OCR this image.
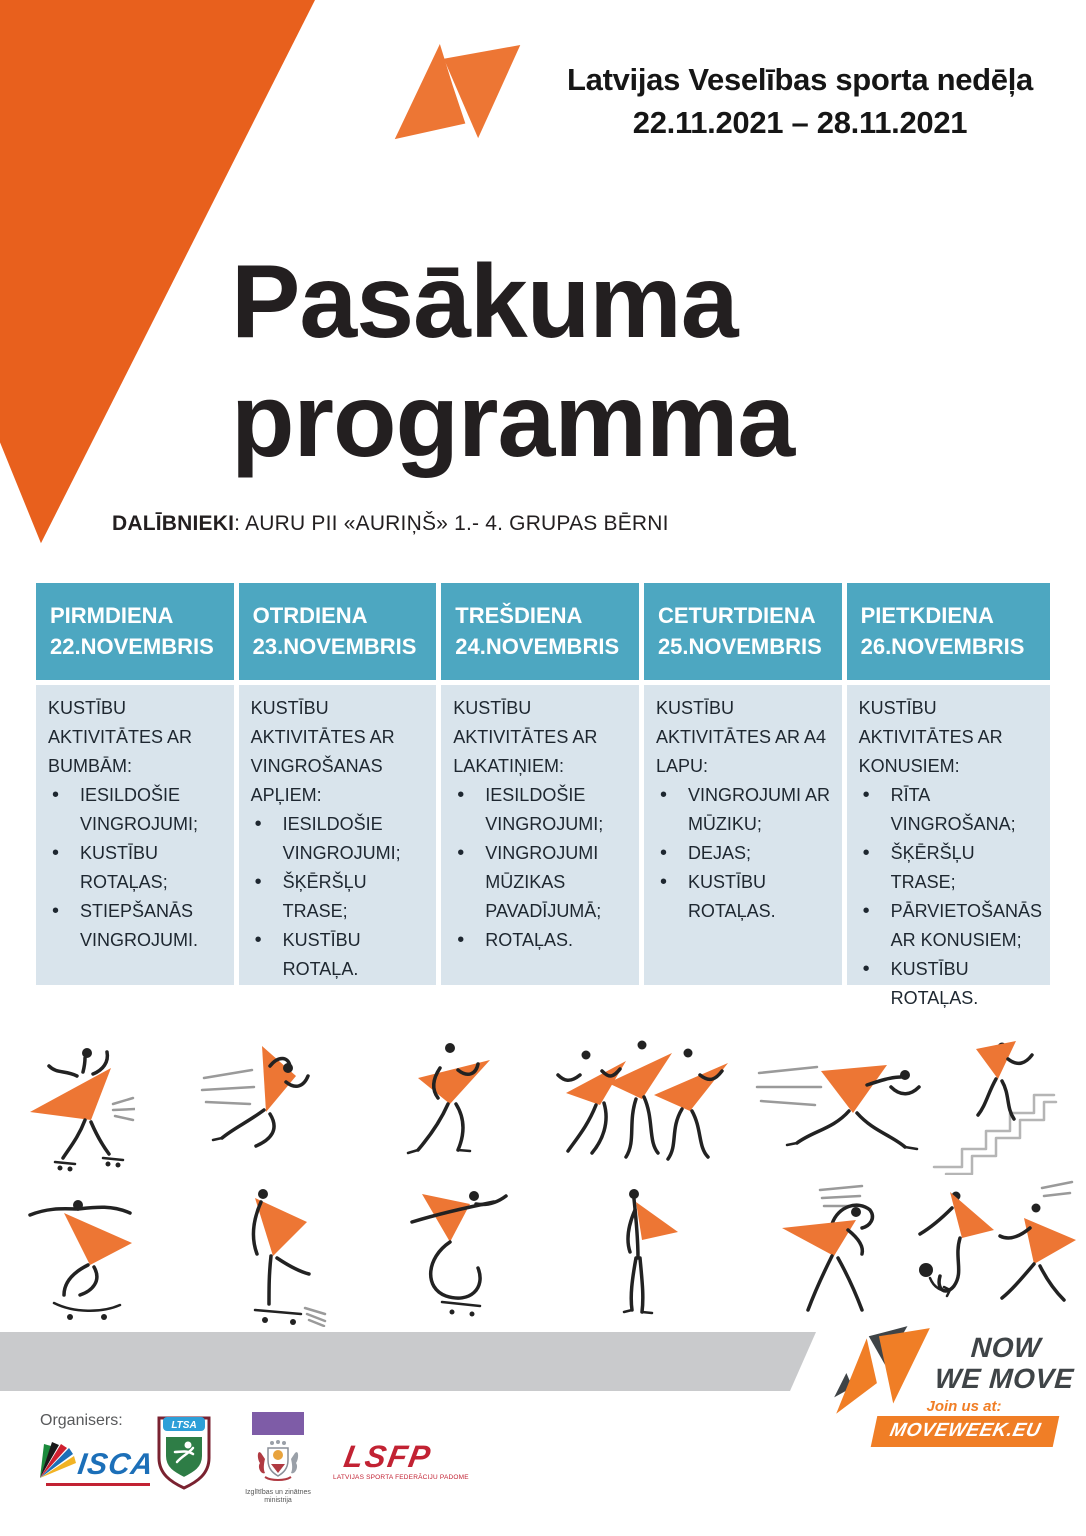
Latvijas Veselības sporta nedēļa
22.11.2021 – 28.11.2021
Pasākuma
programma
DALĪBNIEKI: AURU PII «AURIŅŠ» 1.- 4. GRUPAS BĒRNI
PIRMDIENA
22.NOVEMBRIS
OTRDIENA
23.NOVEMBRIS
TREŠDIENA
24.NOVEMBRIS
CETURTDIENA
25.NOVEMBRIS
PIETKDIENA
26.NOVEMBRIS
KUSTĪBU AKTIVITĀTES AR BUMBĀM:
• IESILDOŠIE VINGROJUMI;
• KUSTĪBU ROTAĻAS;
• STIEPŠANĀS VINGROJUMI.
KUSTĪBU AKTIVITĀTES AR VINGROŠANAS APĻIEM:
• IESILDOŠIE VINGROJUMI;
• ŠĶĒRŠĻU TRASE;
• KUSTĪBU ROTAĻA.
KUSTĪBU AKTIVITĀTES AR LAKATIŅIEM:
• IESILDOŠIE VINGROJUMI;
• VINGROJUMI MŪZIKAS PAVADĪJUMĀ;
• ROTAĻAS.
KUSTĪBU AKTIVITĀTES AR A4 LAPU:
• VINGROJUMI AR MŪZIKU;
• DEJAS;
• KUSTĪBU ROTAĻAS.
KUSTĪBU AKTIVITĀTES AR KONUSIEM:
• RĪTA VINGROŠANA;
• ŠĶĒRŠĻU TRASE;
• PĀRVIETOŠANĀS AR KONUSIEM;
• KUSTĪBU ROTAĻAS.
NOW
WE MOVE
Join us at:
MOVEWEEK.EU
Organisers:
ISCA
LTSA
Izglītības un zinātnes
ministrija
LSFP
LATVIJAS SPORTA FEDERĀCIJU PADOME
